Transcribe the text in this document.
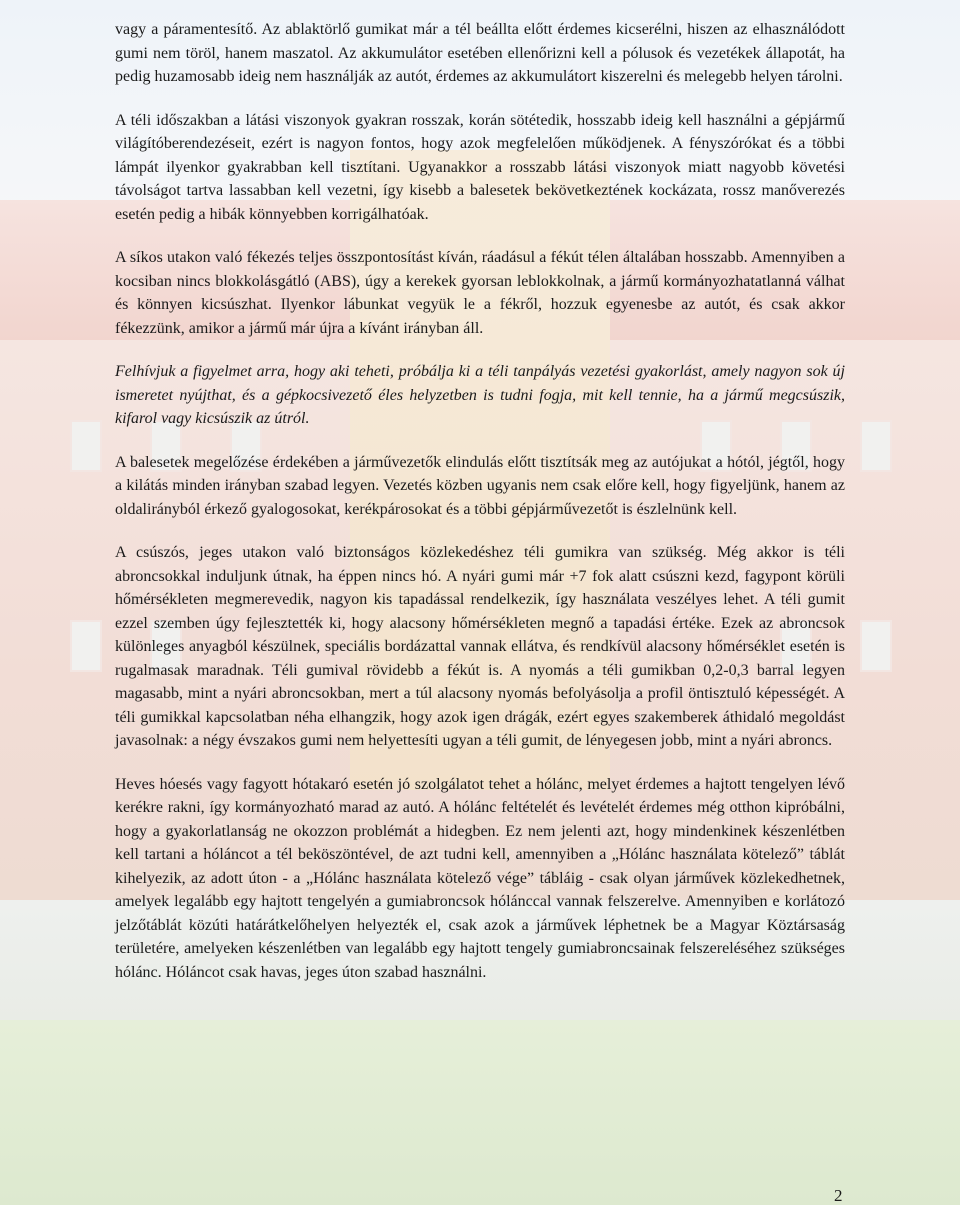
vagy a páramentesítő. Az ablaktörlő gumikat már a tél beállta előtt érdemes kicserélni, hiszen az elhasználódott gumi nem töröl, hanem maszatol. Az akkumulátor esetében ellenőrizni kell a pólusok és vezetékek állapotát, ha pedig huzamosabb ideig nem használják az autót, érdemes az akkumulátort kiszerelni és melegebb helyen tárolni.

A téli időszakban a látási viszonyok gyakran rosszak, korán sötétedik, hosszabb ideig kell használni a gépjármű világítóberendezéseit, ezért is nagyon fontos, hogy azok megfelelően működjenek. A fényszórókat és a többi lámpát ilyenkor gyakrabban kell tisztítani. Ugyanakkor a rosszabb látási viszonyok miatt nagyobb követési távolságot tartva lassabban kell vezetni, így kisebb a balesetek bekövetkeztének kockázata, rossz manőverezés esetén pedig a hibák könnyebben korrigálhatóak.

A síkos utakon való fékezés teljes összpontosítást kíván, ráadásul a fékút télen általában hosszabb. Amennyiben a kocsiban nincs blokkolásgátló (ABS), úgy a kerekek gyorsan leblokkolnak, a jármű kormányozhatatlanná válhat és könnyen kicsúszhat. Ilyenkor lábunkat vegyük le a fékről, hozzuk egyenesbe az autót, és csak akkor fékezzünk, amikor a jármű már újra a kívánt irányban áll.

Felhívjuk a figyelmet arra, hogy aki teheti, próbálja ki a téli tanpályás vezetési gyakorlást, amely nagyon sok új ismeretet nyújthat, és a gépkocsivezető éles helyzetben is tudni fogja, mit kell tennie, ha a jármű megcsúszik, kifarol vagy kicsúszik az útról.

A balesetek megelőzése érdekében a járművezetők elindulás előtt tisztítsák meg az autójukat a hótól, jégtől, hogy a kilátás minden irányban szabad legyen. Vezetés közben ugyanis nem csak előre kell, hogy figyeljünk, hanem az oldalirányból érkező gyalogosokat, kerékpárosokat és a többi gépjárművezetőt is észlelnünk kell.

A csúszós, jeges utakon való biztonságos közlekedéshez téli gumikra van szükség. Még akkor is téli abroncsokkal induljunk útnak, ha éppen nincs hó. A nyári gumi már +7 fok alatt csúszni kezd, fagypont körüli hőmérsékleten megmerevedik, nagyon kis tapadással rendelkezik, így használata veszélyes lehet. A téli gumit ezzel szemben úgy fejlesztették ki, hogy alacsony hőmérsékleten megnő a tapadási értéke. Ezek az abroncsok különleges anyagból készülnek, speciális bordázattal vannak ellátva, és rendkívül alacsony hőmérséklet esetén is rugalmasak maradnak. Téli gumival rövidebb a fékút is. A nyomás a téli gumikban 0,2-0,3 barral legyen magasabb, mint a nyári abroncsokban, mert a túl alacsony nyomás befolyásolja a profil öntisztuló képességét. A téli gumikkal kapcsolatban néha elhangzik, hogy azok igen drágák, ezért egyes szakemberek áthidaló megoldást javasolnak: a négy évszakos gumi nem helyettesíti ugyan a téli gumit, de lényegesen jobb, mint a nyári abroncs.

Heves hóesés vagy fagyott hótakaró esetén jó szolgálatot tehet a hólánc, melyet érdemes a hajtott tengelyen lévő kerékre rakni, így kormányozható marad az autó. A hólánc feltételét és levételét érdemes még otthon kipróbálni, hogy a gyakorlatlanság ne okozzon problémát a hidegben. Ez nem jelenti azt, hogy mindenkinek készenlétben kell tartani a hóláncot a tél beköszöntével, de azt tudni kell, amennyiben a „Hólánc használata kötelező” táblát kihelyezik, az adott úton - a „Hólánc használata kötelező vége” tábláig - csak olyan járművek közlekedhetnek, amelyek legalább egy hajtott tengelyén a gumiabroncsok hólánccal vannak felszerelve. Amennyiben e korlátozó jelzőtáblát közúti határátkelőhelyen helyezték el, csak azok a járművek léphetnek be a Magyar Köztársaság területére, amelyeken készenlétben van legalább egy hajtott tengely gumiabroncsainak felszereléséhez szükséges hólánc. Hóláncot csak havas, jeges úton szabad használni.

2
